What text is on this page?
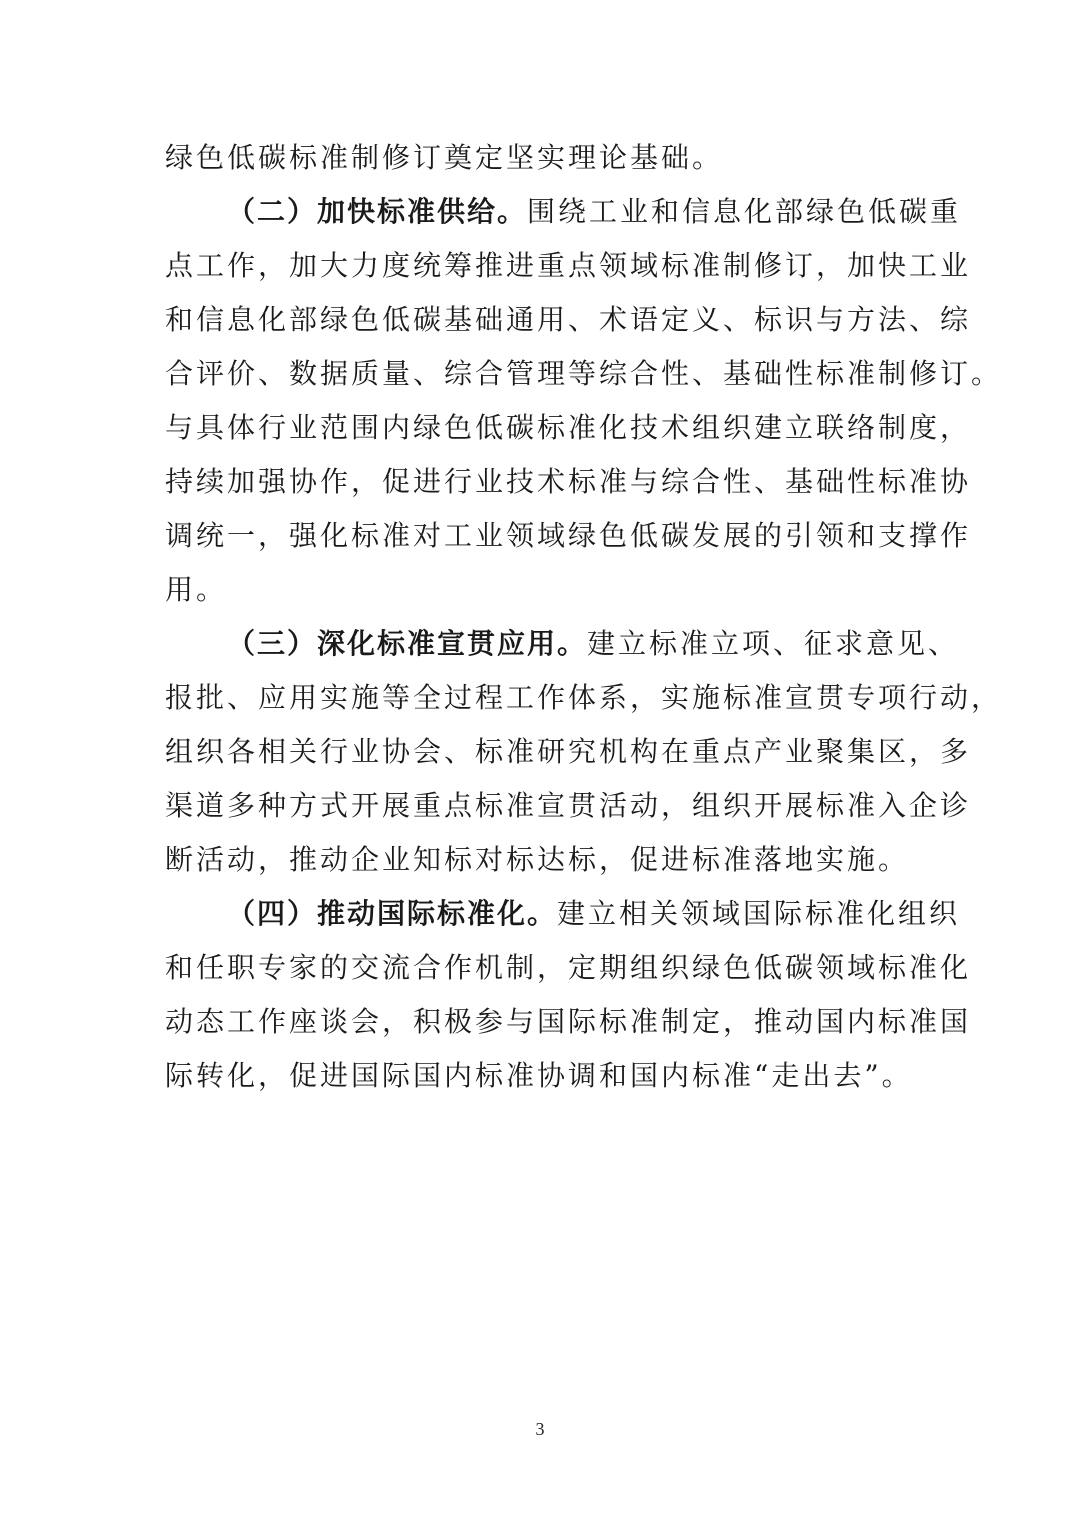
绿色低碳标准制修订奠定坚实理论基础。
（二）加快标准供给。围绕工业和信息化部绿色低碳重
点工作，加大力度统筹推进重点领域标准制修订，加快工业
和信息化部绿色低碳基础通用、术语定义、标识与方法、综
合评价、数据质量、综合管理等综合性、基础性标准制修订。
与具体行业范围内绿色低碳标准化技术组织建立联络制度，
持续加强协作，促进行业技术标准与综合性、基础性标准协
调统一，强化标准对工业领域绿色低碳发展的引领和支撑作
用。
（三）深化标准宣贯应用。建立标准立项、征求意见、
报批、应用实施等全过程工作体系，实施标准宣贯专项行动，
组织各相关行业协会、标准研究机构在重点产业聚集区，多
渠道多种方式开展重点标准宣贯活动，组织开展标准入企诊
断活动，推动企业知标对标达标，促进标准落地实施。
（四）推动国际标准化。建立相关领域国际标准化组织
和任职专家的交流合作机制，定期组织绿色低碳领域标准化
动态工作座谈会，积极参与国际标准制定，推动国内标准国
际转化，促进国际国内标准协调和国内标准“走出去”。
3
